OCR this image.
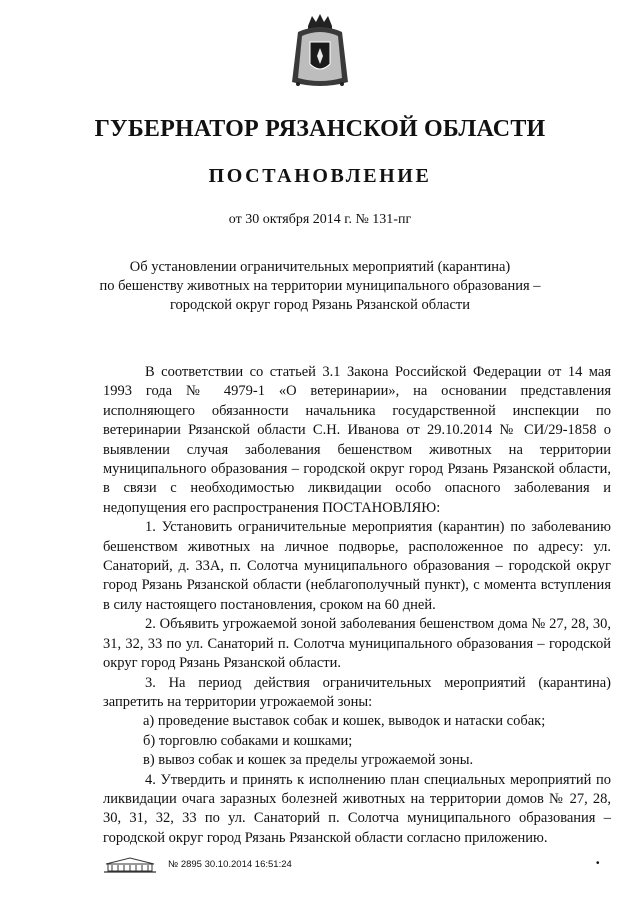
ГУБЕРНАТОР РЯЗАНСКОЙ ОБЛАСТИ
ПОСТАНОВЛЕНИЕ
от 30 октября 2014 г. № 131-пг
Об установлении ограничительных мероприятий (карантина)
по бешенству животных на территории муниципального образования –
городской округ город Рязань Рязанской области

В соответствии со статьей 3.1 Закона Российской Федерации от 14 мая 1993 года № 4979-1 «О ветеринарии», на основании представления исполняющего обязанности начальника государственной инспекции по ветеринарии Рязанской области С.Н. Иванова от 29.10.2014 № СИ/29-1858 о выявлении случая заболевания бешенством животных на территории муниципального образования – городской округ город Рязань Рязанской области, в связи с необходимостью ликвидации особо опасного заболевания и недопущения его распространения ПОСТАНОВЛЯЮ:

1. Установить ограничительные мероприятия (карантин) по заболеванию бешенством животных на личное подворье, расположенное по адресу: ул. Санаторий, д. 33А, п. Солотча муниципального образования – городской округ город Рязань Рязанской области (неблагополучный пункт), с момента вступления в силу настоящего постановления, сроком на 60 дней.

2. Объявить угрожаемой зоной заболевания бешенством дома № 27, 28, 30, 31, 32, 33 по ул. Санаторий п. Солотча муниципального образования – городской округ город Рязань Рязанской области.

3. На период действия ограничительных мероприятий (карантина) запретить на территории угрожаемой зоны:

а) проведение выставок собак и кошек, выводок и натаски собак;

б) торговлю собаками и кошками;

в) вывоз собак и кошек за пределы угрожаемой зоны.

4. Утвердить и принять к исполнению план специальных мероприятий по ликвидации очага заразных болезней животных на территории домов № 27, 28, 30, 31, 32, 33 по ул. Санаторий п. Солотча муниципального образования – городской округ город Рязань Рязанской области согласно приложению.

№ 2895 30.10.2014 16:51:24	•
